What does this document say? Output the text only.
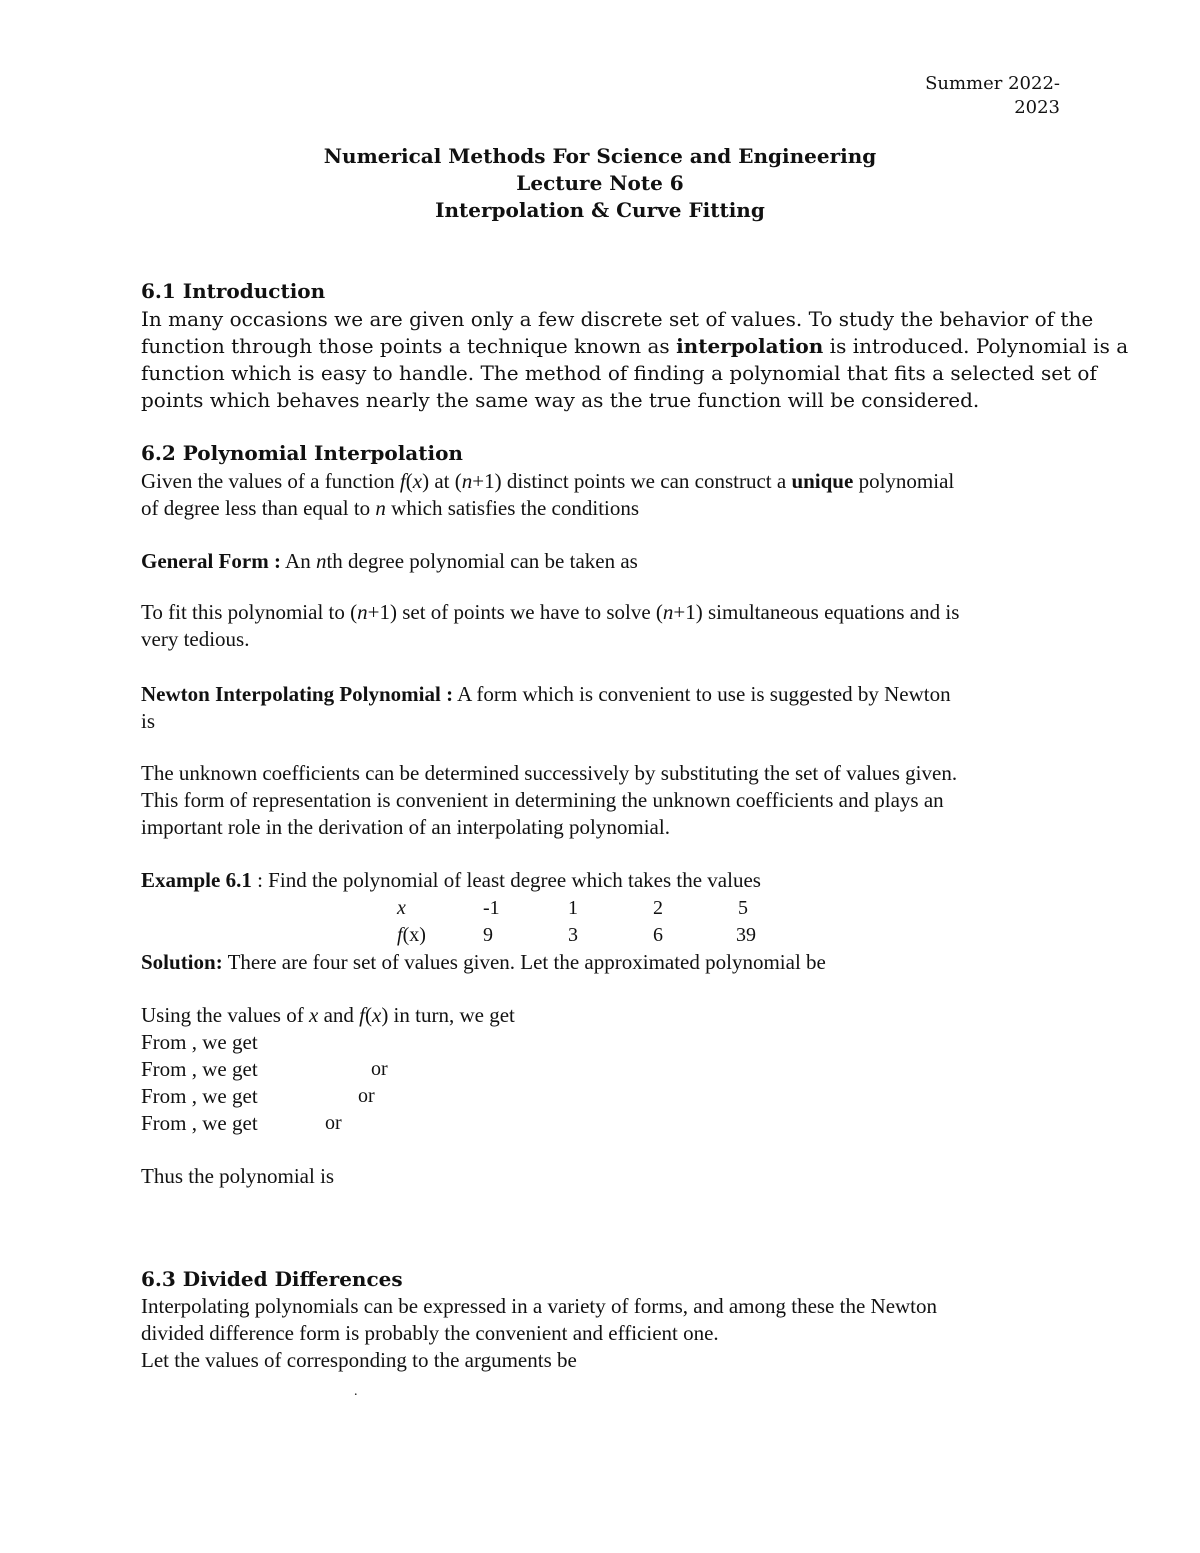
Summer 2022-2023
Numerical Methods For Science and Engineering
Lecture Note 6
Interpolation & Curve Fitting
6.1 Introduction
In many occasions we are given only a few discrete set of values. To study the behavior of the
function through those points a technique known as interpolation is introduced. Polynomial is a
function which is easy to handle. The method of finding a polynomial that fits a selected set of
points which behaves nearly the same way as the true function will be considered.
6.2 Polynomial Interpolation
Given the values of a function f(x) at (n+1) distinct points we can construct a unique polynomial
of degree less than equal to n which satisfies the conditions
General Form : An nth degree polynomial can be taken as
To fit this polynomial to (n+1) set of points we have to solve (n+1) simultaneous equations and is
very tedious.
Newton Interpolating Polynomial : A form which is convenient to use is suggested by Newton
is
The unknown coefficients can be determined successively by substituting the set of values given.
This form of representation is convenient in determining the unknown coefficients and plays an
important role in the derivation of an interpolating polynomial.
Example 6.1 : Find the polynomial of least degree which takes the values
x	-1	1	2	5
f(x)	9	3	6	39
Solution: There are four set of values given. Let the approximated polynomial be
Using the values of x and f(x) in turn, we get
From , we get
From , we get	or
From , we get	or
From , we get	or
Thus the polynomial is
6.3 Divided Differences
Interpolating polynomials can be expressed in a variety of forms, and among these the Newton
divided difference form is probably the convenient and efficient one.
Let the values of corresponding to the arguments be
.
